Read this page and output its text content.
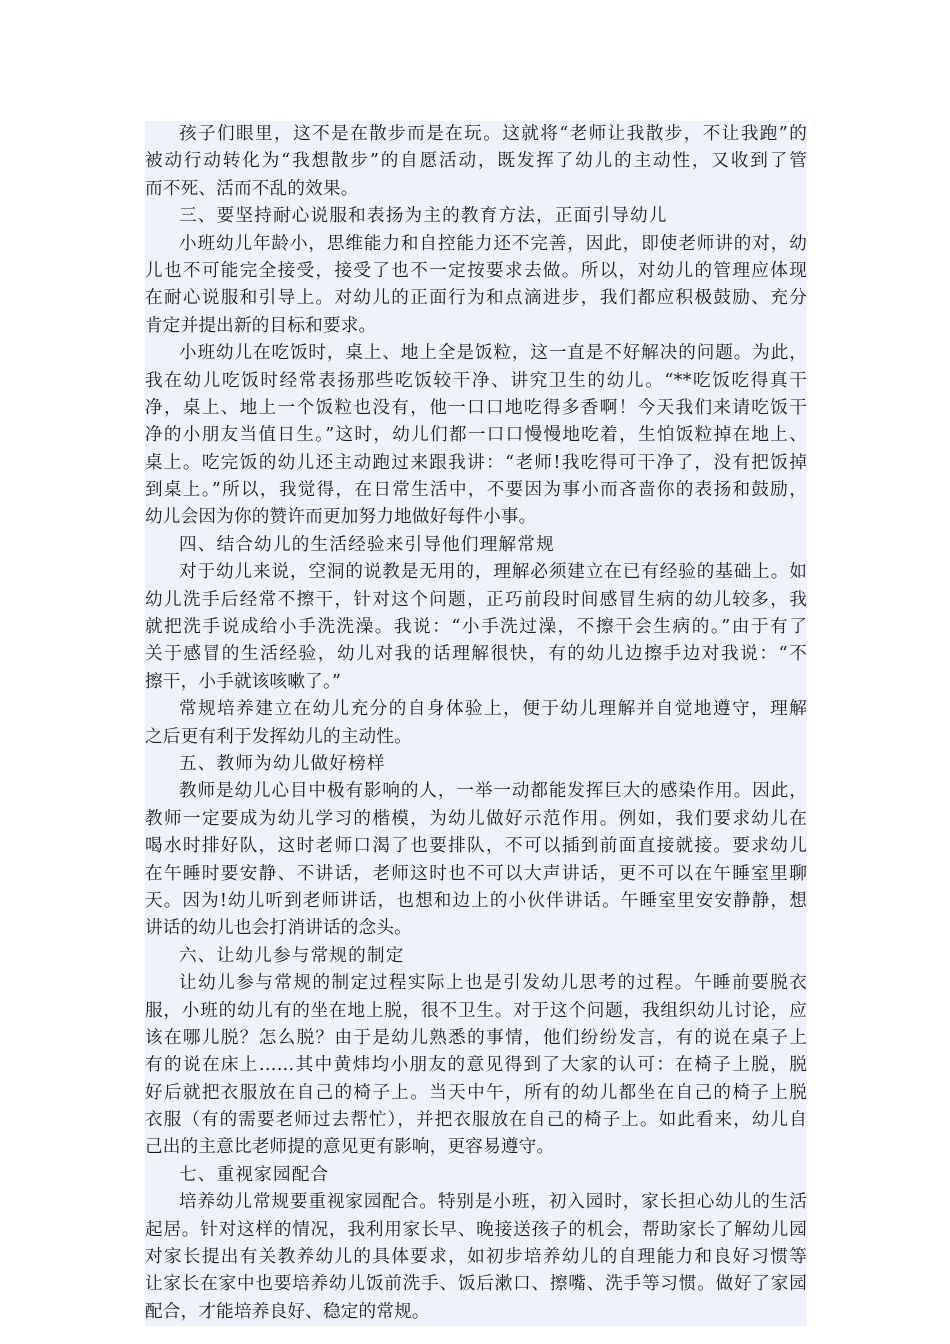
孩子们眼里，这不是在散步而是在玩。这就将“老师让我散步，不让我跑”的
被动行动转化为“我想散步”的自愿活动，既发挥了幼儿的主动性，又收到了管
而不死、活而不乱的效果。
三、要坚持耐心说服和表扬为主的教育方法，正面引导幼儿
小班幼儿年龄小，思维能力和自控能力还不完善，因此，即使老师讲的对，幼
儿也不可能完全接受，接受了也不一定按要求去做。所以，对幼儿的管理应体现
在耐心说服和引导上。对幼儿的正面行为和点滴进步，我们都应积极鼓励、充分
肯定并提出新的目标和要求。
小班幼儿在吃饭时，桌上、地上全是饭粒，这一直是不好解决的问题。为此，
我在幼儿吃饭时经常表扬那些吃饭较干净、讲究卫生的幼儿。“**吃饭吃得真干
净，桌上、地上一个饭粒也没有，他一口口地吃得多香啊！今天我们来请吃饭干
净的小朋友当值日生。”这时，幼儿们都一口口慢慢地吃着，生怕饭粒掉在地上、
桌上。吃完饭的幼儿还主动跑过来跟我讲：“老师!我吃得可干净了，没有把饭掉
到桌上。”所以，我觉得，在日常生活中，不要因为事小而吝啬你的表扬和鼓励，
幼儿会因为你的赞许而更加努力地做好每件小事。
四、结合幼儿的生活经验来引导他们理解常规
对于幼儿来说，空洞的说教是无用的，理解必须建立在已有经验的基础上。如
幼儿洗手后经常不擦干，针对这个问题，正巧前段时间感冒生病的幼儿较多，我
就把洗手说成给小手洗洗澡。我说：“小手洗过澡，不擦干会生病的。”由于有了
关于感冒的生活经验，幼儿对我的话理解很快，有的幼儿边擦手边对我说：“不
擦干，小手就该咳嗽了。”
常规培养建立在幼儿充分的自身体验上，便于幼儿理解并自觉地遵守，理解
之后更有利于发挥幼儿的主动性。
五、教师为幼儿做好榜样
教师是幼儿心目中极有影响的人，一举一动都能发挥巨大的感染作用。因此，
教师一定要成为幼儿学习的楷模，为幼儿做好示范作用。例如，我们要求幼儿在
喝水时排好队，这时老师口渴了也要排队，不可以插到前面直接就接。要求幼儿
在午睡时要安静、不讲话，老师这时也不可以大声讲话，更不可以在午睡室里聊
天。因为!幼儿听到老师讲话，也想和边上的小伙伴讲话。午睡室里安安静静，想
讲话的幼儿也会打消讲话的念头。
六、让幼儿参与常规的制定
让幼儿参与常规的制定过程实际上也是引发幼儿思考的过程。午睡前要脱衣
服，小班的幼儿有的坐在地上脱，很不卫生。对于这个问题，我组织幼儿讨论，应
该在哪儿脱？怎么脱？由于是幼儿熟悉的事情，他们纷纷发言，有的说在桌子上
有的说在床上……其中黄炜均小朋友的意见得到了大家的认可：在椅子上脱，脱
好后就把衣服放在自己的椅子上。当天中午，所有的幼儿都坐在自己的椅子上脱
衣服（有的需要老师过去帮忙），并把衣服放在自己的椅子上。如此看来，幼儿自
己出的主意比老师提的意见更有影响，更容易遵守。
七、重视家园配合
培养幼儿常规要重视家园配合。特别是小班，初入园时，家长担心幼儿的生活
起居。针对这样的情况，我利用家长早、晚接送孩子的机会，帮助家长了解幼儿园
对家长提出有关教养幼儿的具体要求，如初步培养幼儿的自理能力和良好习惯等
让家长在家中也要培养幼儿饭前洗手、饭后漱口、擦嘴、洗手等习惯。做好了家园
配合，才能培养良好、稳定的常规。
